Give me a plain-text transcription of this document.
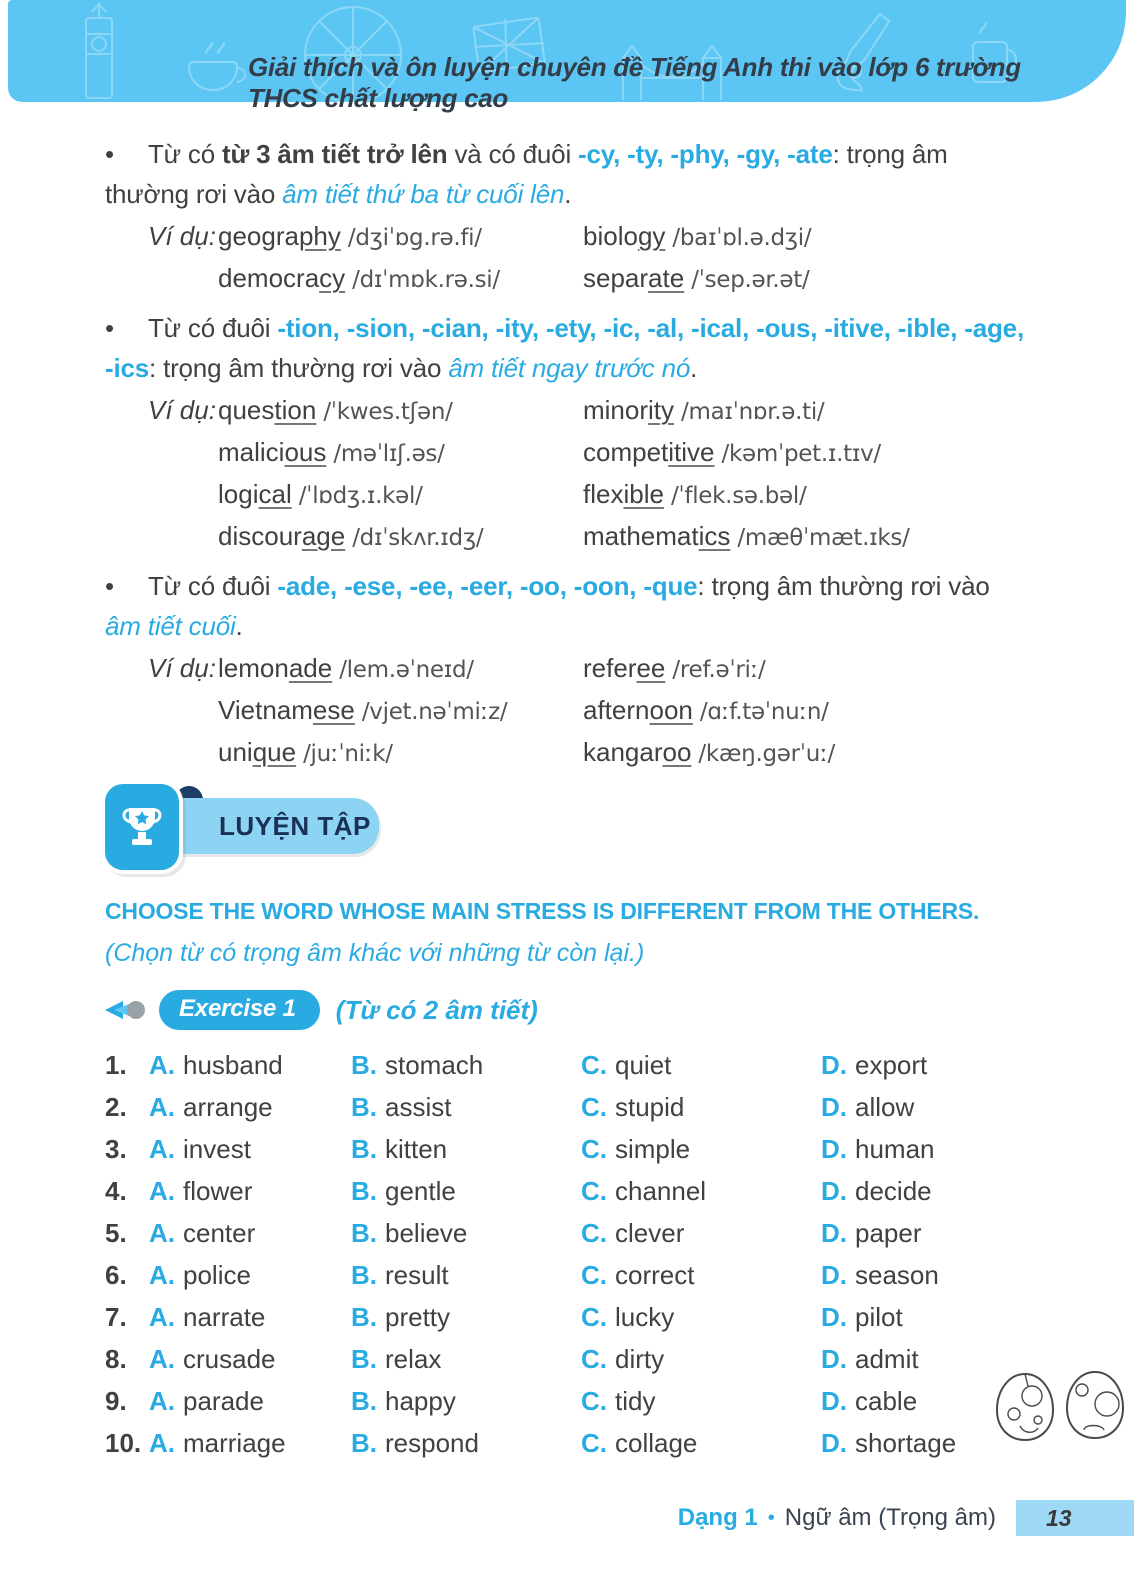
Giải thích và ôn luyện chuyên đề Tiếng Anh thi vào lớp 6 trường THCS chất lượng cao

• Từ có từ 3 âm tiết trở lên và có đuôi -cy, -ty, -phy, -gy, -ate: trọng âm thường rơi vào âm tiết thứ ba từ cuối lên.

Ví dụ: geography /dʒiˈɒg.rə.fi/	biology /baɪˈɒl.ə.dʒi/
democracy /dɪˈmɒk.rə.si/	separate /ˈsep.ər.ət/

• Từ có đuôi -tion, -sion, -cian, -ity, -ety, -ic, -al, -ical, -ous, -itive, -ible, -age, -ics: trọng âm thường rơi vào âm tiết ngay trước nó.

Ví dụ: question /ˈkwes.tʃən/	minority /maɪˈnɒr.ə.ti/
malicious /məˈlɪʃ.əs/	competitive /kəmˈpet.ɪ.tɪv/
logical /ˈlɒdʒ.ɪ.kəl/	flexible /ˈflek.sə.bəl/
discourage /dɪˈskʌr.ɪdʒ/	mathematics /mæθˈmæt.ɪks/

• Từ có đuôi -ade, -ese, -ee, -eer, -oo, -oon, -que: trọng âm thường rơi vào âm tiết cuối.

Ví dụ: lemonade /lem.əˈneɪd/	referee /ref.əˈriː/
Vietnamese /vjet.nəˈmiːz/	afternoon /ɑːf.təˈnuːn/
unique /juːˈniːk/	kangaroo /kæŋ.gərˈuː/
LUYỆN TẬP
CHOOSE THE WORD WHOSE MAIN STRESS IS DIFFERENT FROM THE OTHERS.
(Chọn từ có trọng âm khác với những từ còn lại.)
Exercise 1	(Từ có 2 âm tiết)
1. A. husband	B. stomach	C. quiet	D. export
2. A. arrange	B. assist	C. stupid	D. allow
3. A. invest	B. kitten	C. simple	D. human
4. A. flower	B. gentle	C. channel	D. decide
5. A. center	B. believe	C. clever	D. paper
6. A. police	B. result	C. correct	D. season
7. A. narrate	B. pretty	C. lucky	D. pilot
8. A. crusade	B. relax	C. dirty	D. admit
9. A. parade	B. happy	C. tidy	D. cable
10. A. marriage	B. respond	C. collage	D. shortage
Dạng 1 • Ngữ âm (Trọng âm) 13
